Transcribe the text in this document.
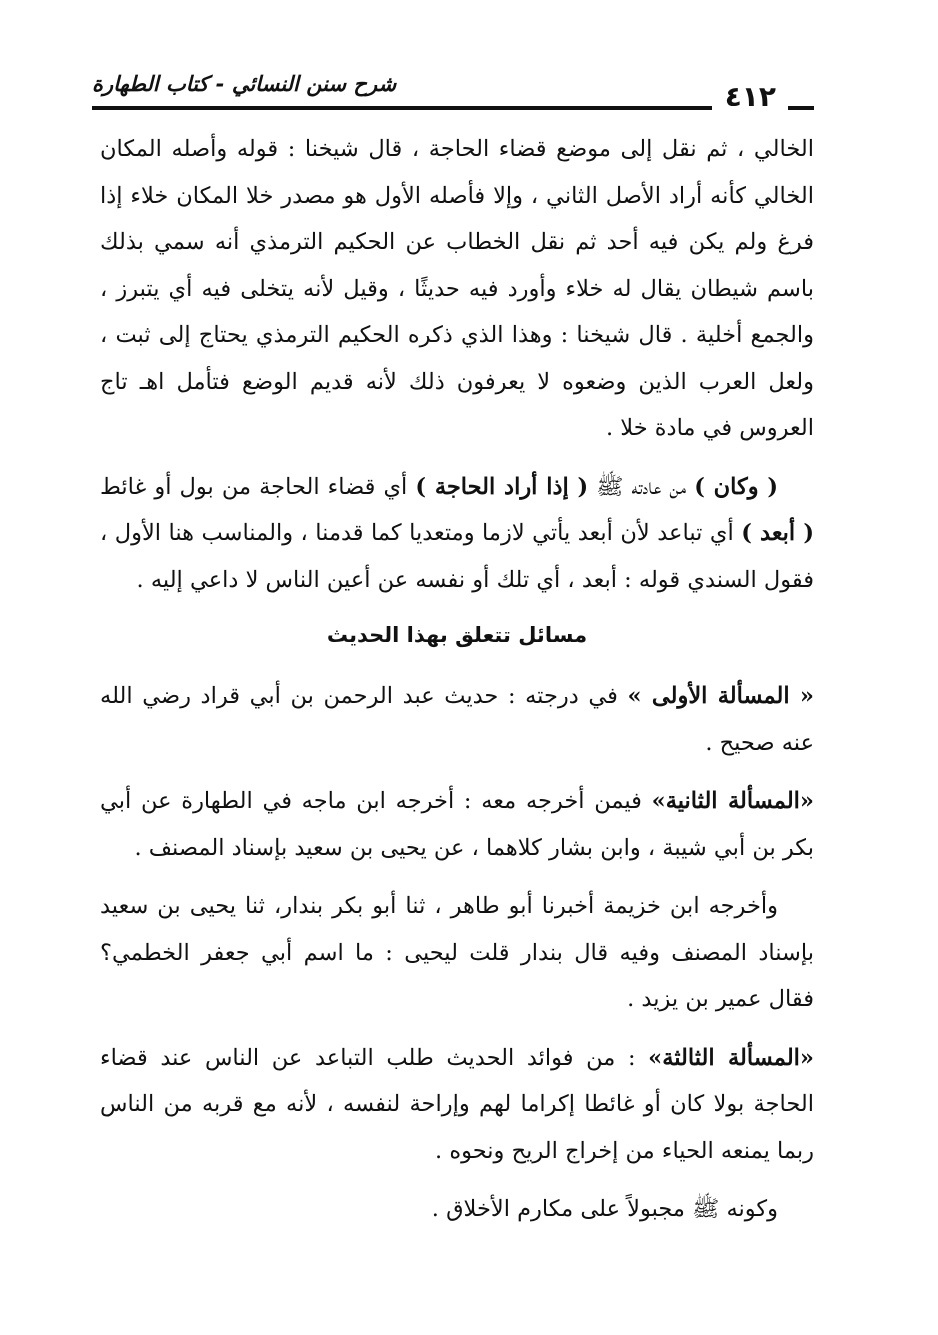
شرح سنن النسائي - كتاب الطهارة	٤١٢

الخالي ، ثم نقل إلى موضع قضاء الحاجة ، قال شيخنا : قوله وأصله المكان الخالي كأنه أراد الأصل الثاني ، وإلا فأصله الأول هو مصدر خلا المكان خلاء إذا فرغ ولم يكن فيه أحد ثم نقل الخطاب عن الحكيم الترمذي أنه سمي بذلك باسم شيطان يقال له خلاء وأورد فيه حديثًا ، وقيل لأنه يتخلى فيه أي يتبرز ، والجمع أخلية . قال شيخنا : وهذا الذي ذكره الحكيم الترمذي يحتاج إلى ثبت ، ولعل العرب الذين وضعوه لا يعرفون ذلك لأنه قديم الوضع فتأمل اهـ تاج العروس في مادة خلا .

( وكان ) من عادته ﷺ ( إذا أراد الحاجة ) أي قضاء الحاجة من بول أو غائط ( أبعد ) أي تباعد لأن أبعد يأتي لازما ومتعديا كما قدمنا ، والمناسب هنا الأول ، فقول السندي قوله : أبعد ، أي تلك أو نفسه عن أعين الناس لا داعي إليه .

مسائل تتعلق بهذا الحديث

« المسألة الأولى » في درجته : حديث عبد الرحمن بن أبي قراد رضي الله عنه صحيح .

«المسألة الثانية» فيمن أخرجه معه : أخرجه ابن ماجه في الطهارة عن أبي بكر بن أبي شيبة ، وابن بشار كلاهما ، عن يحيى بن سعيد بإسناد المصنف .

وأخرجه ابن خزيمة أخبرنا أبو طاهر ، ثنا أبو بكر بندار، ثنا يحيى بن سعيد بإسناد المصنف وفيه قال بندار قلت ليحيى : ما اسم أبي جعفر الخطمي؟ فقال عمير بن يزيد .

«المسألة الثالثة» : من فوائد الحديث طلب التباعد عن الناس عند قضاء الحاجة بولا كان أو غائطا إكراما لهم وإراحة لنفسه ، لأنه مع قربه من الناس ربما يمنعه الحياء من إخراج الريح ونحوه .

وكونه ﷺ مجبولاً على مكارم الأخلاق .
